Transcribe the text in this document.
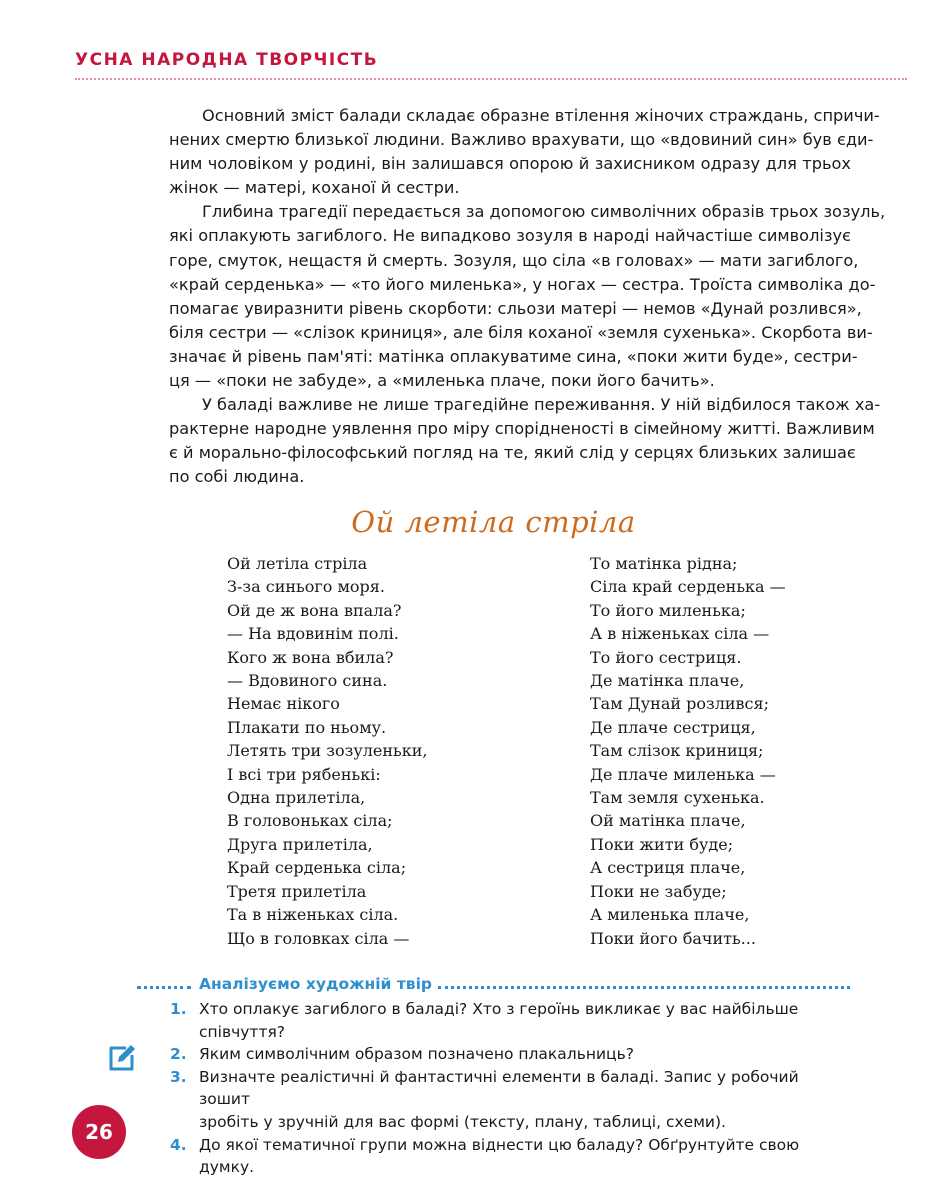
УСНА НАРОДНА ТВОРЧІСТЬ

Основний зміст балади складає образне втілення жіночих страждань, спричи-
нених смертю близької людини. Важливо врахувати, що «вдовиний син» був єди-
ним чоловіком у родині, він залишався опорою й захисником одразу для трьох
жінок — матері, коханої й сестри.

Глибина трагедії передається за допомогою символічних образів трьох зозуль,
які оплакують загиблого. Не випадково зозуля в народі найчастіше символізує
горе, смуток, нещастя й смерть. Зозуля, що сіла «в головах» — мати загиблого,
«край серденька» — «то його миленька», у ногах — сестра. Троїста символіка до-
помагає увиразнити рівень скорботи: сльози матері — немов «Дунай розлився»,
біля сестри — «слізок криниця», але біля коханої «земля сухенька». Скорбота ви-
значає й рівень пам'яті: матінка оплакуватиме сина, «поки жити буде», сестри-
ця — «поки не забуде», а «миленька плаче, поки його бачить».

У баладі важливе не лише трагедійне переживання. У ній відбилося також ха-
рактерне народне уявлення про міру спорідненості в сімейному житті. Важливим
є й морально-філософський погляд на те, який слід у серцях близьких залишає
по собі людина.

Ой летіла стріла
Ой летіла стріла
З-за синього моря.
Ой де ж вона впала?
— На вдовинім полі.
Кого ж вона вбила?
— Вдовиного сина.
Немає нікого
Плакати по ньому.
Летять три зозуленьки,
І всі три рябенькі:
Одна прилетіла,
В головоньках сіла;
Друга прилетіла,
Край серденька сіла;
Третя прилетіла
Та в ніженьках сіла.
Що в головках сіла —
То матінка рідна;
Сіла край серденька —
То його миленька;
А в ніженьках сіла —
То його сестриця.
Де матінка плаче,
Там Дунай розлився;
Де плаче сестриця,
Там слізок криниця;
Де плаче миленька —
Там земля сухенька.
Ой матінка плаче,
Поки жити буде;
А сестриця плаче,
Поки не забуде;
А миленька плаче,
Поки його бачить...
Аналізуємо художній твір
1. Хто оплакує загиблого в баладі? Хто з героїнь викликає у вас найбільше співчуття?
2. Яким символічним образом позначено плакальниць?
3. Визначте реалістичні й фантастичні елементи в баладі. Запис у робочий зошит
зробіть у зручній для вас формі (тексту, плану, таблиці, схеми).
4. До якої тематичної групи можна віднести цю баладу? Обґрунтуйте свою думку.
26
